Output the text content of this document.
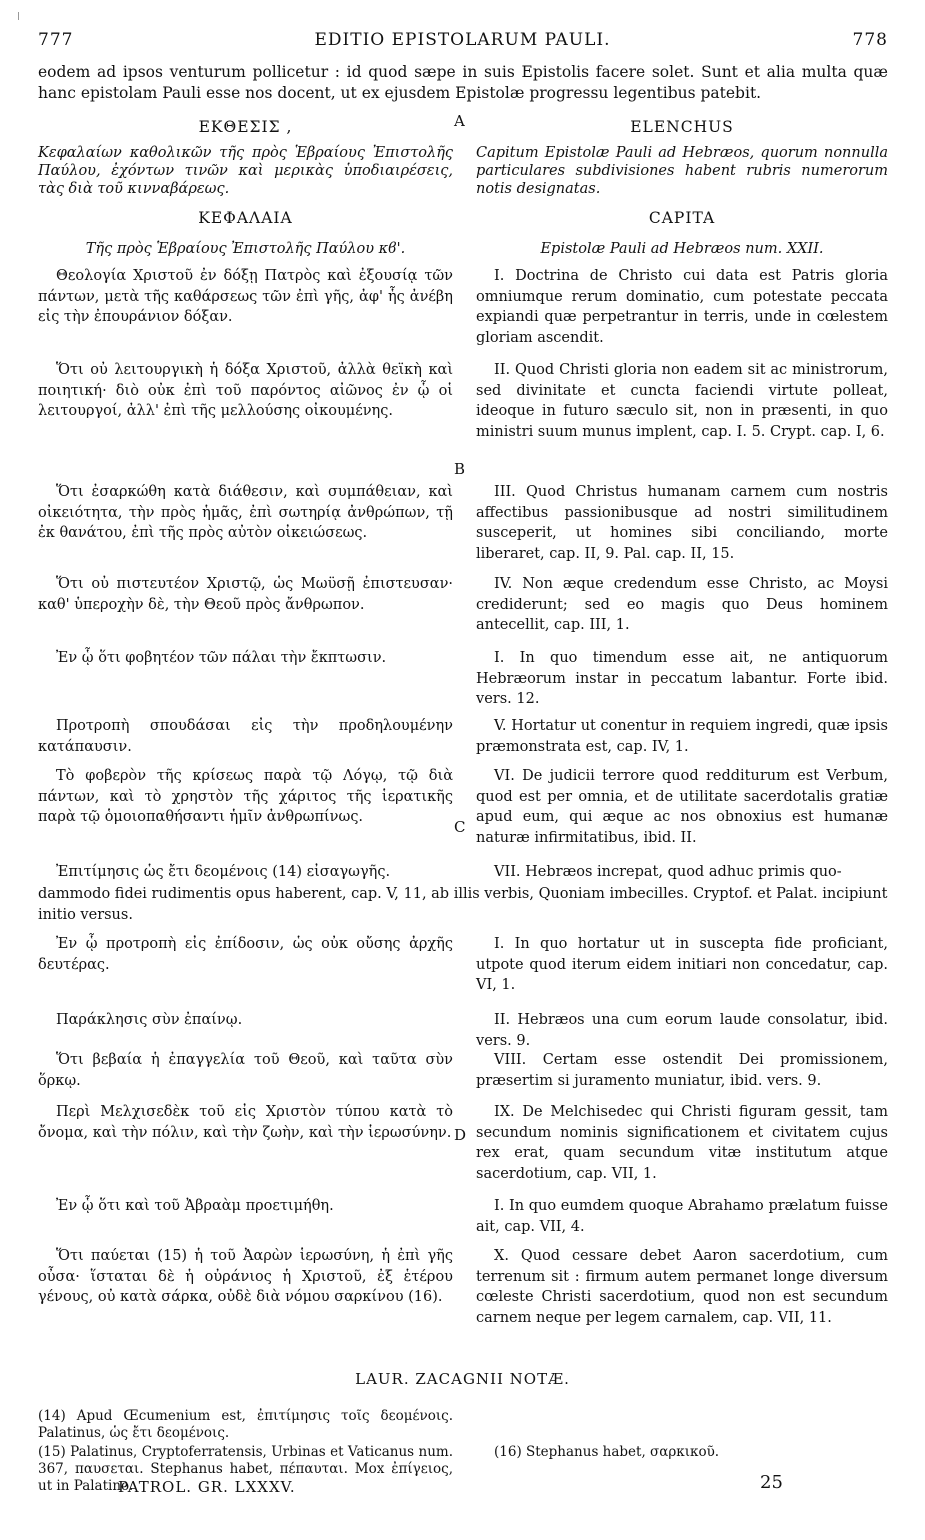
777	EDITIO EPISTOLARUM PAULI.	778
eodem ad ipsos venturum pollicetur : id quod sæpe in suis Epistolis facere solet. Sunt et alia multa quæ hanc epistolam Pauli esse nos docent, ut ex ejusdem Epistolæ progressu legentibus patebit.
A
B
C
D
ΕΚΘΕΣΙΣ ,
Κεφαλαίων καθολικῶν τῆς πρὸς Ἑβραίους Ἐπιστολῆς Παύλου, ἐχόντων τινῶν καὶ μερικὰς ὑποδιαιρέσεις, τὰς διὰ τοῦ κινναβάρεως.
ΚΕΦΑΛΑΙΑ
Τῆς πρὸς Ἑβραίους Ἐπιστολῆς Παύλου κϐ'.
Θεολογία Χριστοῦ ἐν δόξῃ Πατρὸς καὶ ἐξουσίᾳ τῶν πάντων, μετὰ τῆς καθάρσεως τῶν ἐπὶ γῆς, ἀφ' ἧς ἀνέβη εἰς τὴν ἐπουράνιον δόξαν.
Ὅτι οὐ λειτουργικὴ ἡ δόξα Χριστοῦ, ἀλλὰ θεϊκὴ καὶ ποιητική· διὸ οὐκ ἐπὶ τοῦ παρόντος αἰῶνος ἐν ᾧ οἱ λειτουργοί, ἀλλ' ἐπὶ τῆς μελλούσης οἰκουμένης.
Ὅτι ἐσαρκώθη κατὰ διάθεσιν, καὶ συμπάθειαν, καὶ οἰκειότητα, τὴν πρὸς ἡμᾶς, ἐπὶ σωτηρίᾳ ἀνθρώπων, τῇ ἐκ θανάτου, ἐπὶ τῆς πρὸς αὐτὸν οἰκειώσεως.
Ὅτι οὐ πιστευτέον Χριστῷ, ὡς Μωϋσῇ ἐπιστευσαν· καθ' ὑπεροχὴν δὲ, τὴν Θεοῦ πρὸς ἄνθρωπον.
Ἐν ᾧ ὅτι φοβητέον τῶν πάλαι τὴν ἔκπτωσιν.
Προτροπὴ σπουδάσαι εἰς τὴν προδηλουμένην κατάπαυσιν.
Τὸ φοβερὸν τῆς κρίσεως παρὰ τῷ Λόγῳ, τῷ διὰ πάντων, καὶ τὸ χρηστὸν τῆς χάριτος τῆς ἱερατικῆς παρὰ τῷ ὁμοιοπαθήσαντι ἡμῖν ἀνθρωπίνως.
Ἐπιτίμησις ὡς ἔτι δεομένοις (14) εἰσαγωγῆς.
Ἐν ᾧ προτροπὴ εἰς ἐπίδοσιν, ὡς οὐκ οὔσης ἀρχῆς δευτέρας.
Παράκλησις σὺν ἐπαίνῳ.
Ὅτι βεβαία ἡ ἐπαγγελία τοῦ Θεοῦ, καὶ ταῦτα σὺν ὅρκῳ.
Περὶ Μελχισεδὲκ τοῦ εἰς Χριστὸν τύπου κατὰ τὸ ὄνομα, καὶ τὴν πόλιν, καὶ τὴν ζωὴν, καὶ τὴν ἱερωσύνην.
Ἐν ᾧ ὅτι καὶ τοῦ Ἀβραὰμ προετιμήθη.
Ὅτι παύεται (15) ἡ τοῦ Ἀαρὼν ἱερωσύνη, ἡ ἐπὶ γῆς οὖσα· ἵσταται δὲ ἡ οὐράνιος ἡ Χριστοῦ, ἐξ ἑτέρου γένους, οὐ κατὰ σάρκα, οὐδὲ διὰ νόμου σαρκίνου (16).
ELENCHUS
Capitum Epistolæ Pauli ad Hebræos, quorum nonnulla particulares subdivisiones habent rubris numerorum notis designatas.
CAPITA
Epistolæ Pauli ad Hebræos num. XXII.
I. Doctrina de Christo cui data est Patris gloria omniumque rerum dominatio, cum potestate peccata expiandi quæ perpetrantur in terris, unde in cœlestem gloriam ascendit.
II. Quod Christi gloria non eadem sit ac ministrorum, sed divinitate et cuncta faciendi virtute polleat, ideoque in futuro sæculo sit, non in præsenti, in quo ministri suum munus implent, cap. I. 5. Crypt. cap. I, 6.
III. Quod Christus humanam carnem cum nostris affectibus passionibusque ad nostri similitudinem susceperit, ut homines sibi conciliando, morte liberaret, cap. II, 9. Pal. cap. II, 15.
IV. Non æque credendum esse Christo, ac Moysi crediderunt; sed eo magis quo Deus hominem antecellit, cap. III, 1.
I. In quo timendum esse ait, ne antiquorum Hebræorum instar in peccatum labantur. Forte ibid. vers. 12.
V. Hortatur ut conentur in requiem ingredi, quæ ipsis præmonstrata est, cap. IV, 1.
VI. De judicii terrore quod redditurum est Verbum, quod est per omnia, et de utilitate sacerdotalis gratiæ apud eum, qui æque ac nos obnoxius est humanæ naturæ infirmitatibus, ibid. II.
VII. Hebræos increpat, quod adhuc primis quo-
dammodo fidei rudimentis opus haberent, cap. V, 11, ab illis verbis, Quoniam imbecilles. Cryptof. et Palat. incipiunt initio versus.
I. In quo hortatur ut in suscepta fide proficiant, utpote quod iterum eidem initiari non concedatur, cap. VI, 1.
II. Hebræos una cum eorum laude consolatur, ibid. vers. 9.
VIII. Certam esse ostendit Dei promissionem, præsertim si juramento muniatur, ibid. vers. 9.
IX. De Melchisedec qui Christi figuram gessit, tam secundum nominis significationem et civitatem cujus rex erat, quam secundum vitæ institutum atque sacerdotium, cap. VII, 1.
I. In quo eumdem quoque Abrahamo prælatum fuisse ait, cap. VII, 4.
X. Quod cessare debet Aaron sacerdotium, cum terrenum sit : firmum autem permanet longe diversum cœleste Christi sacerdotium, quod non est secundum carnem neque per legem carnalem, cap. VII, 11.
LAUR. ZACAGNII NOTÆ.
(14) Apud Œcumenium est, ἐπιτίμησις τοῖς δεομένοις. Palatinus, ὡς ἔτι δεομένοις.
(15) Palatinus, Cryptoferratensis, Urbinas et Vaticanus num. 367, παυσεται. Stephanus habet, πέπαυται. Mox ἐπίγειος, ut in Palatino.
(16) Stephanus habet, σαρκικοῦ.
PATROL. GR. LXXXV.	25
